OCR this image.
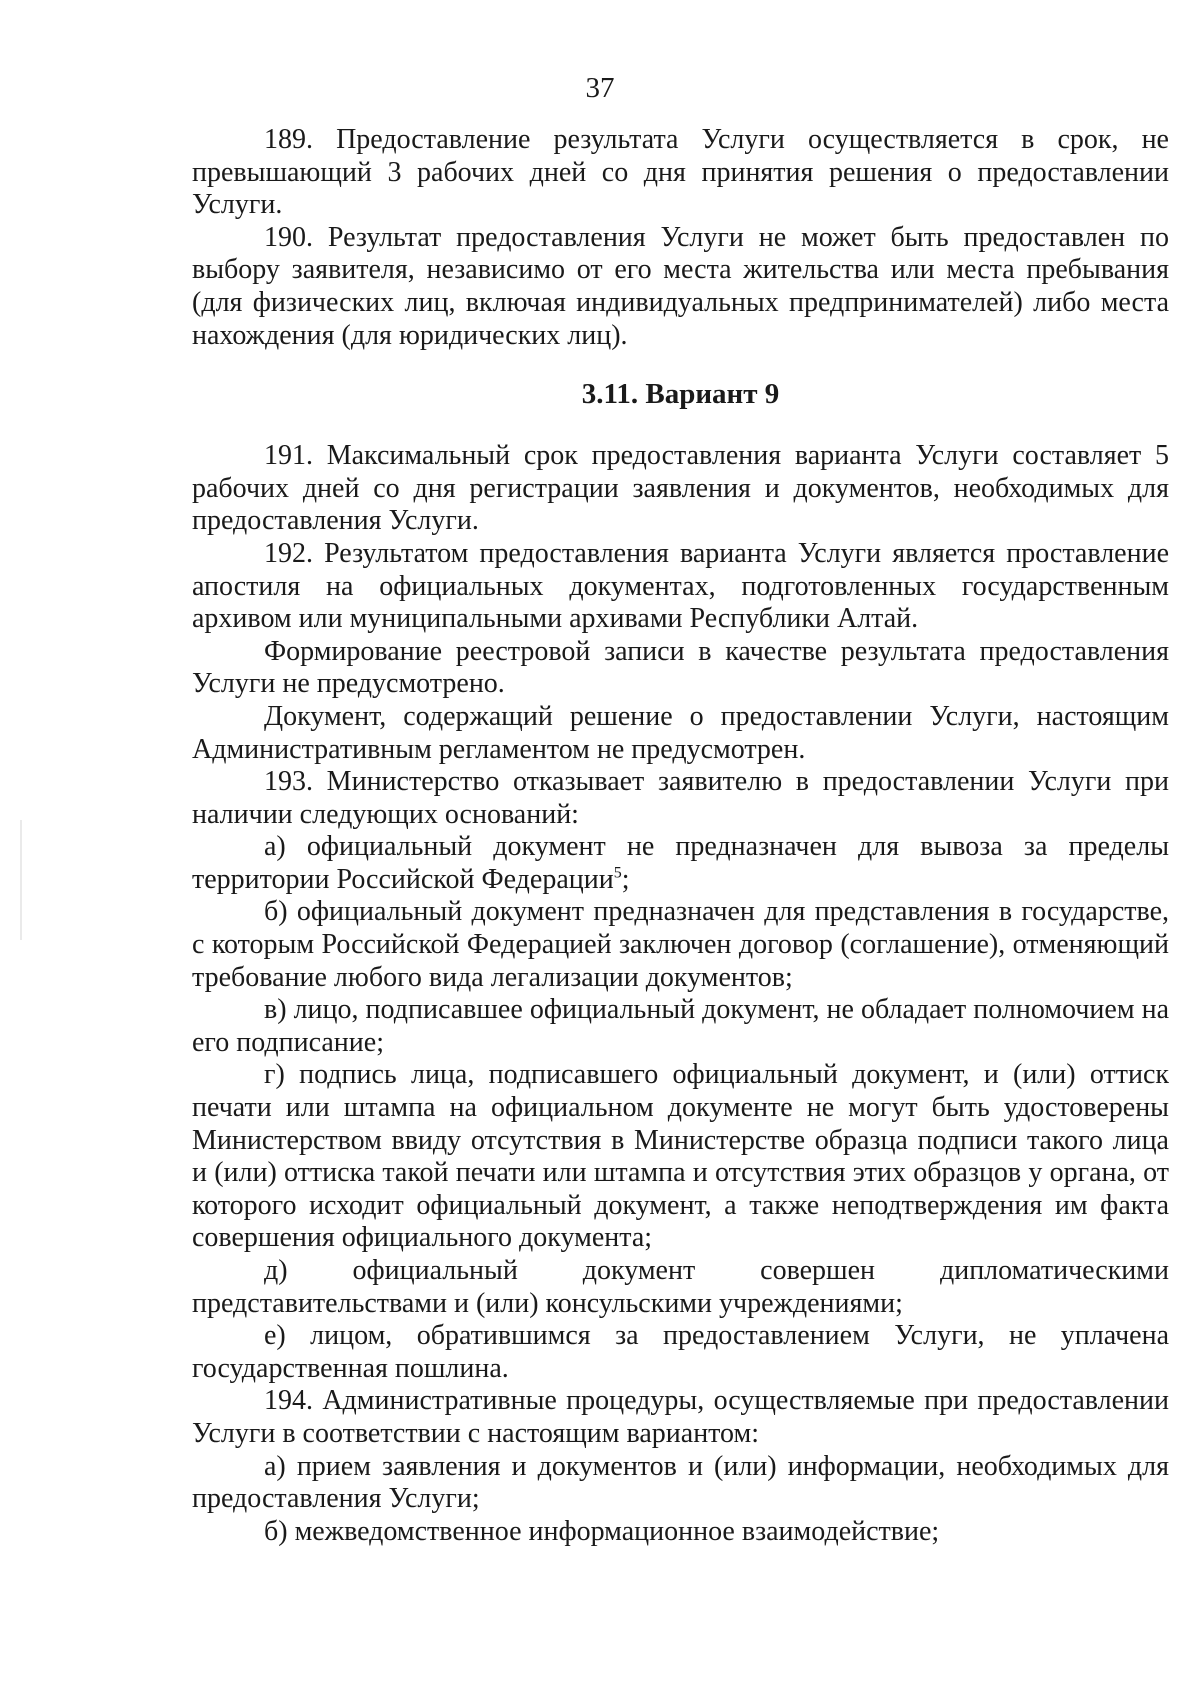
37

189. Предоставление результата Услуги осуществляется в срок, не превышающий 3 рабочих дней со дня принятия решения о предоставлении Услуги.

190. Результат предоставления Услуги не может быть предоставлен по выбору заявителя, независимо от его места жительства или места пребывания (для физических лиц, включая индивидуальных предпринимателей) либо места нахождения (для юридических лиц).

3.11. Вариант 9

191. Максимальный срок предоставления варианта Услуги составляет 5 рабочих дней со дня регистрации заявления и документов, необходимых для предоставления Услуги.

192. Результатом предоставления варианта Услуги является проставление апостиля на официальных документах, подготовленных государственным архивом или муниципальными архивами Республики Алтай.

Формирование реестровой записи в качестве результата предоставления Услуги не предусмотрено.

Документ, содержащий решение о предоставлении Услуги, настоящим Административным регламентом не предусмотрен.

193. Министерство отказывает заявителю в предоставлении Услуги при наличии следующих оснований:

а) официальный документ не предназначен для вывоза за пределы территории Российской Федерации$^5$;

б) официальный документ предназначен для представления в государстве, с которым Российской Федерацией заключен договор (соглашение), отменяющий требование любого вида легализации документов;

в) лицо, подписавшее официальный документ, не обладает полномочием на его подписание;

г) подпись лица, подписавшего официальный документ, и (или) оттиск печати или штампа на официальном документе не могут быть удостоверены Министерством ввиду отсутствия в Министерстве образца подписи такого лица и (или) оттиска такой печати или штампа и отсутствия этих образцов у органа, от которого исходит официальный документ, а также неподтверждения им факта совершения официального документа;

д) официальный документ совершен дипломатическими представительствами и (или) консульскими учреждениями;

е) лицом, обратившимся за предоставлением Услуги, не уплачена государственная пошлина.

194. Административные процедуры, осуществляемые при предоставлении Услуги в соответствии с настоящим вариантом:

а) прием заявления и документов и (или) информации, необходимых для предоставления Услуги;

б) межведомственное информационное взаимодействие;
